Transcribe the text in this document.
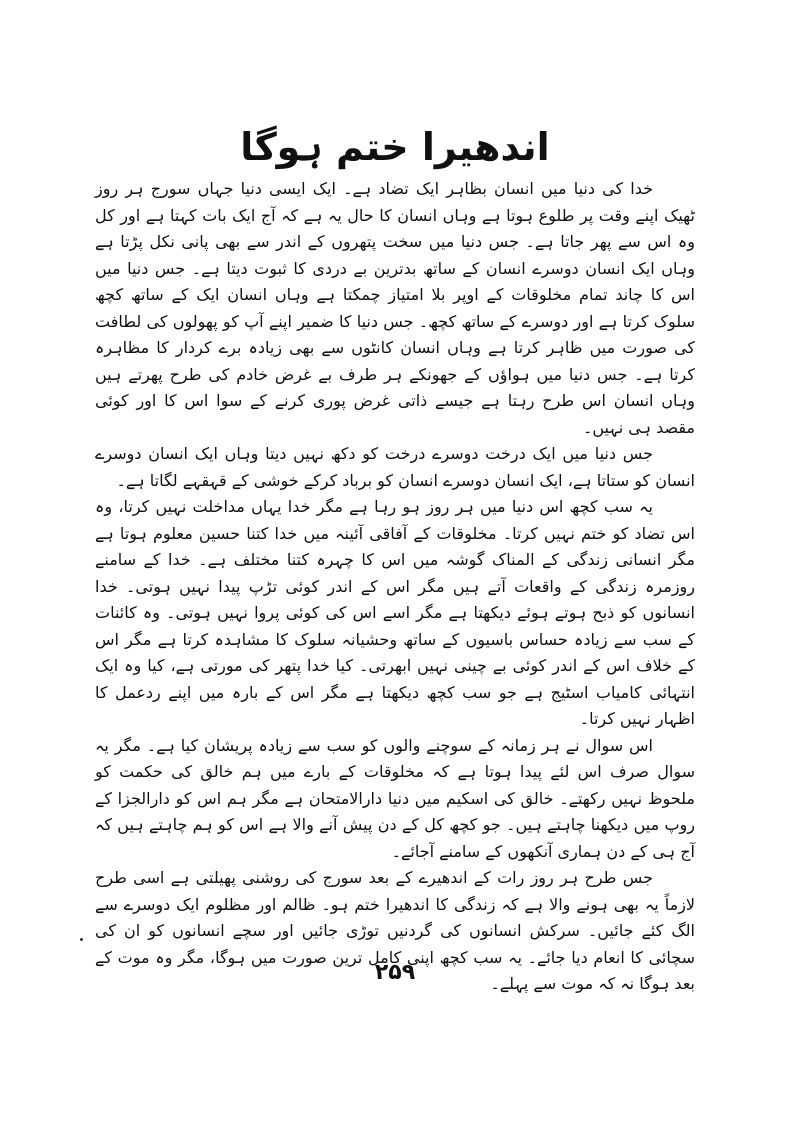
اندھیرا ختم ہوگا

خدا کی دنیا میں انسان بظاہر ایک تضاد ہے۔ ایک ایسی دنیا جہاں سورج ہر روز ٹھیک اپنے وقت پر طلوع ہوتا ہے وہاں انسان کا حال یہ ہے کہ آج ایک بات کہتا ہے اور کل وہ اس سے پھر جاتا ہے۔ جس دنیا میں سخت پتھروں کے اندر سے بھی پانی نکل پڑتا ہے وہاں ایک انسان دوسرے انسان کے ساتھ بدترین بے دردی کا ثبوت دیتا ہے۔ جس دنیا میں اس کا چاند تمام مخلوقات کے اوپر بلا امتیاز چمکتا ہے وہاں انسان ایک کے ساتھ کچھ سلوک کرتا ہے اور دوسرے کے ساتھ کچھ۔ جس دنیا کا ضمیر اپنے آپ کو پھولوں کی لطافت کی صورت میں ظاہر کرتا ہے وہاں انسان کانٹوں سے بھی زیادہ برے کردار کا مظاہرہ کرتا ہے۔ جس دنیا میں ہواؤں کے جھونکے ہر طرف بے غرض خادم کی طرح پھرتے ہیں وہاں انسان اس طرح رہتا ہے جیسے ذاتی غرض پوری کرنے کے سوا اس کا اور کوئی مقصد ہی نہیں۔

جس دنیا میں ایک درخت دوسرے درخت کو دکھ نہیں دیتا وہاں ایک انسان دوسرے انسان کو ستاتا ہے، ایک انسان دوسرے انسان کو برباد کرکے خوشی کے قہقہے لگاتا ہے۔

یہ سب کچھ اس دنیا میں ہر روز ہو رہا ہے مگر خدا یہاں مداخلت نہیں کرتا، وہ اس تضاد کو ختم نہیں کرتا۔ مخلوقات کے آفاقی آئینہ میں خدا کتنا حسین معلوم ہوتا ہے مگر انسانی زندگی کے المناک گوشہ میں اس کا چہرہ کتنا مختلف ہے۔ خدا کے سامنے روزمرہ زندگی کے واقعات آتے ہیں مگر اس کے اندر کوئی تڑپ پیدا نہیں ہوتی۔ خدا انسانوں کو ذبح ہوتے ہوئے دیکھتا ہے مگر اسے اس کی کوئی پروا نہیں ہوتی۔ وہ کائنات کے سب سے زیادہ حساس باسیوں کے ساتھ وحشیانہ سلوک کا مشاہدہ کرتا ہے مگر اس کے خلاف اس کے اندر کوئی بے چینی نہیں ابھرتی۔ کیا خدا پتھر کی مورتی ہے، کیا وہ ایک انتہائی کامیاب اسٹیج ہے جو سب کچھ دیکھتا ہے مگر اس کے بارہ میں اپنے ردعمل کا اظہار نہیں کرتا۔

اس سوال نے ہر زمانہ کے سوچنے والوں کو سب سے زیادہ پریشان کیا ہے۔ مگر یہ سوال صرف اس لئے پیدا ہوتا ہے کہ مخلوقات کے بارے میں ہم خالق کی حکمت کو ملحوظ نہیں رکھتے۔ خالق کی اسکیم میں دنیا دارالامتحان ہے مگر ہم اس کو دارالجزا کے روپ میں دیکھنا چاہتے ہیں۔ جو کچھ کل کے دن پیش آنے والا ہے اس کو ہم چاہتے ہیں کہ آج ہی کے دن ہماری آنکھوں کے سامنے آجائے۔

جس طرح ہر روز رات کے اندھیرے کے بعد سورج کی روشنی پھیلتی ہے اسی طرح لازماً یہ بھی ہونے والا ہے کہ زندگی کا اندھیرا ختم ہو۔ ظالم اور مظلوم ایک دوسرے سے الگ کئے جائیں۔ سرکش انسانوں کی گردنیں توڑی جائیں اور سچے انسانوں کو ان کی سچائی کا انعام دیا جائے۔ یہ سب کچھ اپنی کامل ترین صورت میں ہوگا، مگر وہ موت کے بعد ہوگا نہ کہ موت سے پہلے۔

۲۵۹
